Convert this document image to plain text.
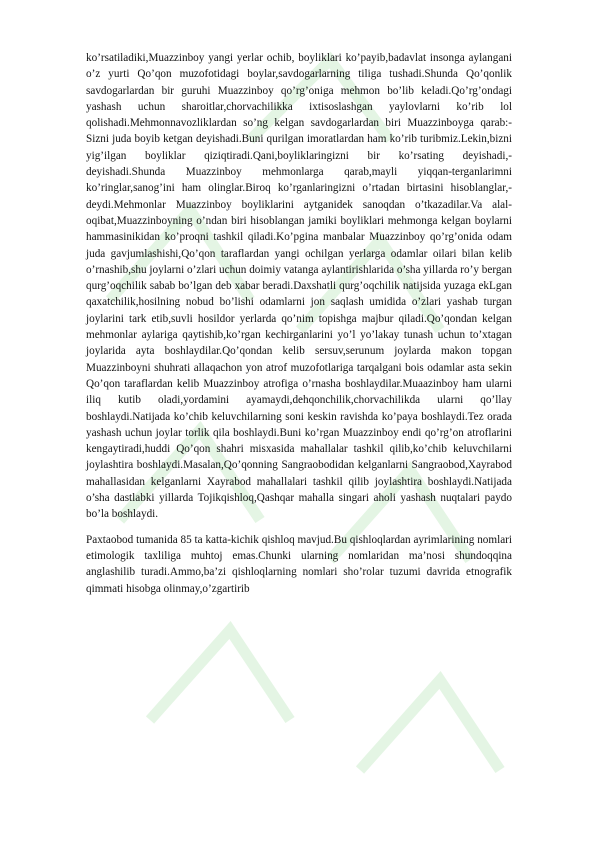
ko’rsatiladiki,Muazzinboy yangi yerlar ochib, boyliklari ko’payib,badavlat insonga aylangani o’z yurti Qo’qon muzofotidagi boylar,savdogarlarning tiliga tushadi.Shunda Qo’qonlik savdogarlardan bir guruhi Muazzinboy qo’rg’oniga mehmon bo’lib keladi.Qo’rg’ondagi yashash uchun sharoitlar,chorvachilikka ixtisoslashgan yaylovlarni ko’rib lol qolishadi.Mehmonnavozliklardan so’ng kelgan savdogarlardan biri Muazzinboyga qarab:-Sizni juda boyib ketgan deyishadi.Buni qurilgan imoratlardan ham ko’rib turibmiz.Lekin,bizni yig’ilgan boyliklar qiziqtiradi.Qani,boyliklaringizni bir ko’rsating deyishadi,- deyishadi.Shunda Muazzinboy mehmonlarga qarab,mayli yiqqan-terganlarimni ko’ringlar,sanog’ini ham olinglar.Biroq ko’rganlaringizni o’rtadan birtasini hisoblanglar,-deydi.Mehmonlar Muazzinboy boyliklarini aytganidek sanoqdan o’tkazadilar.Va alal-oqibat,Muazzinboyning o’ndan biri hisoblangan jamiki boyliklari mehmonga kelgan boylarni hammasinikidan ko’proqni tashkil qiladi.Ko’pgina manbalar Muazzinboy qo’rg’onida odam juda gavjumlashishi,Qo’qon taraflardan yangi ochilgan yerlarga odamlar oilari bilan kelib o’rnashib,shu joylarni o’zlari uchun doimiy vatanga aylantirishlarida o’sha yillarda ro’y bergan qurg’oqchilik sabab bo’lgan deb xabar beradi.Daxshatli qurg’oqchilik natijsida yuzaga ekLgan qaxatchilik,hosilning nobud bo’lishi odamlarni jon saqlash umidida o’zlari yashab turgan joylarini tark etib,suvli hosildor yerlarda qo’nim topishga majbur qiladi.Qo’qondan kelgan mehmonlar aylariga qaytishib,ko’rgan kechirganlarini yo’l yo’lakay tunash uchun to’xtagan joylarida ayta boshlaydilar.Qo’qondan kelib sersuv,serunum joylarda makon topgan Muazzinboyni shuhrati allaqachon yon atrof muzofotlariga tarqalgani bois odamlar asta sekin Qo’qon taraflardan kelib Muazzinboy atrofiga o’rnasha boshlaydilar.Muaazinboy ham ularni iliq kutib oladi,yordamini ayamaydi,dehqonchilik,chorvachilikda ularni qo’llay boshlaydi.Natijada ko’chib keluvchilarning soni keskin ravishda ko’paya boshlaydi.Tez orada yashash uchun joylar torlik qila boshlaydi.Buni ko’rgan Muazzinboy endi qo’rg’on atroflarini kengaytiradi,huddi Qo’qon shahri misxasida mahallalar tashkil qilib,ko’chib keluvchilarni joylashtira boshlaydi.Masalan,Qo’qonning Sangraobodidan kelganlarni Sangraobod,Xayrabod mahallasidan kelganlarni Xayrabod mahallalari tashkil qilib joylashtira boshlaydi.Natijada o’sha dastlabki yillarda Tojikqishloq,Qashqar mahalla singari aholi yashash nuqtalari paydo bo’la boshlaydi.

Paxtaobod tumanida 85 ta katta-kichik qishloq mavjud.Bu qishloqlardan ayrimlarining nomlari etimologik taxliliga muhtoj emas.Chunki ularning nomlaridan ma’nosi shundoqqina anglashilib turadi.Ammo,ba’zi qishloqlarning nomlari sho’rolar tuzumi davrida etnografik qimmati hisobga olinmay,o’zgartirib
